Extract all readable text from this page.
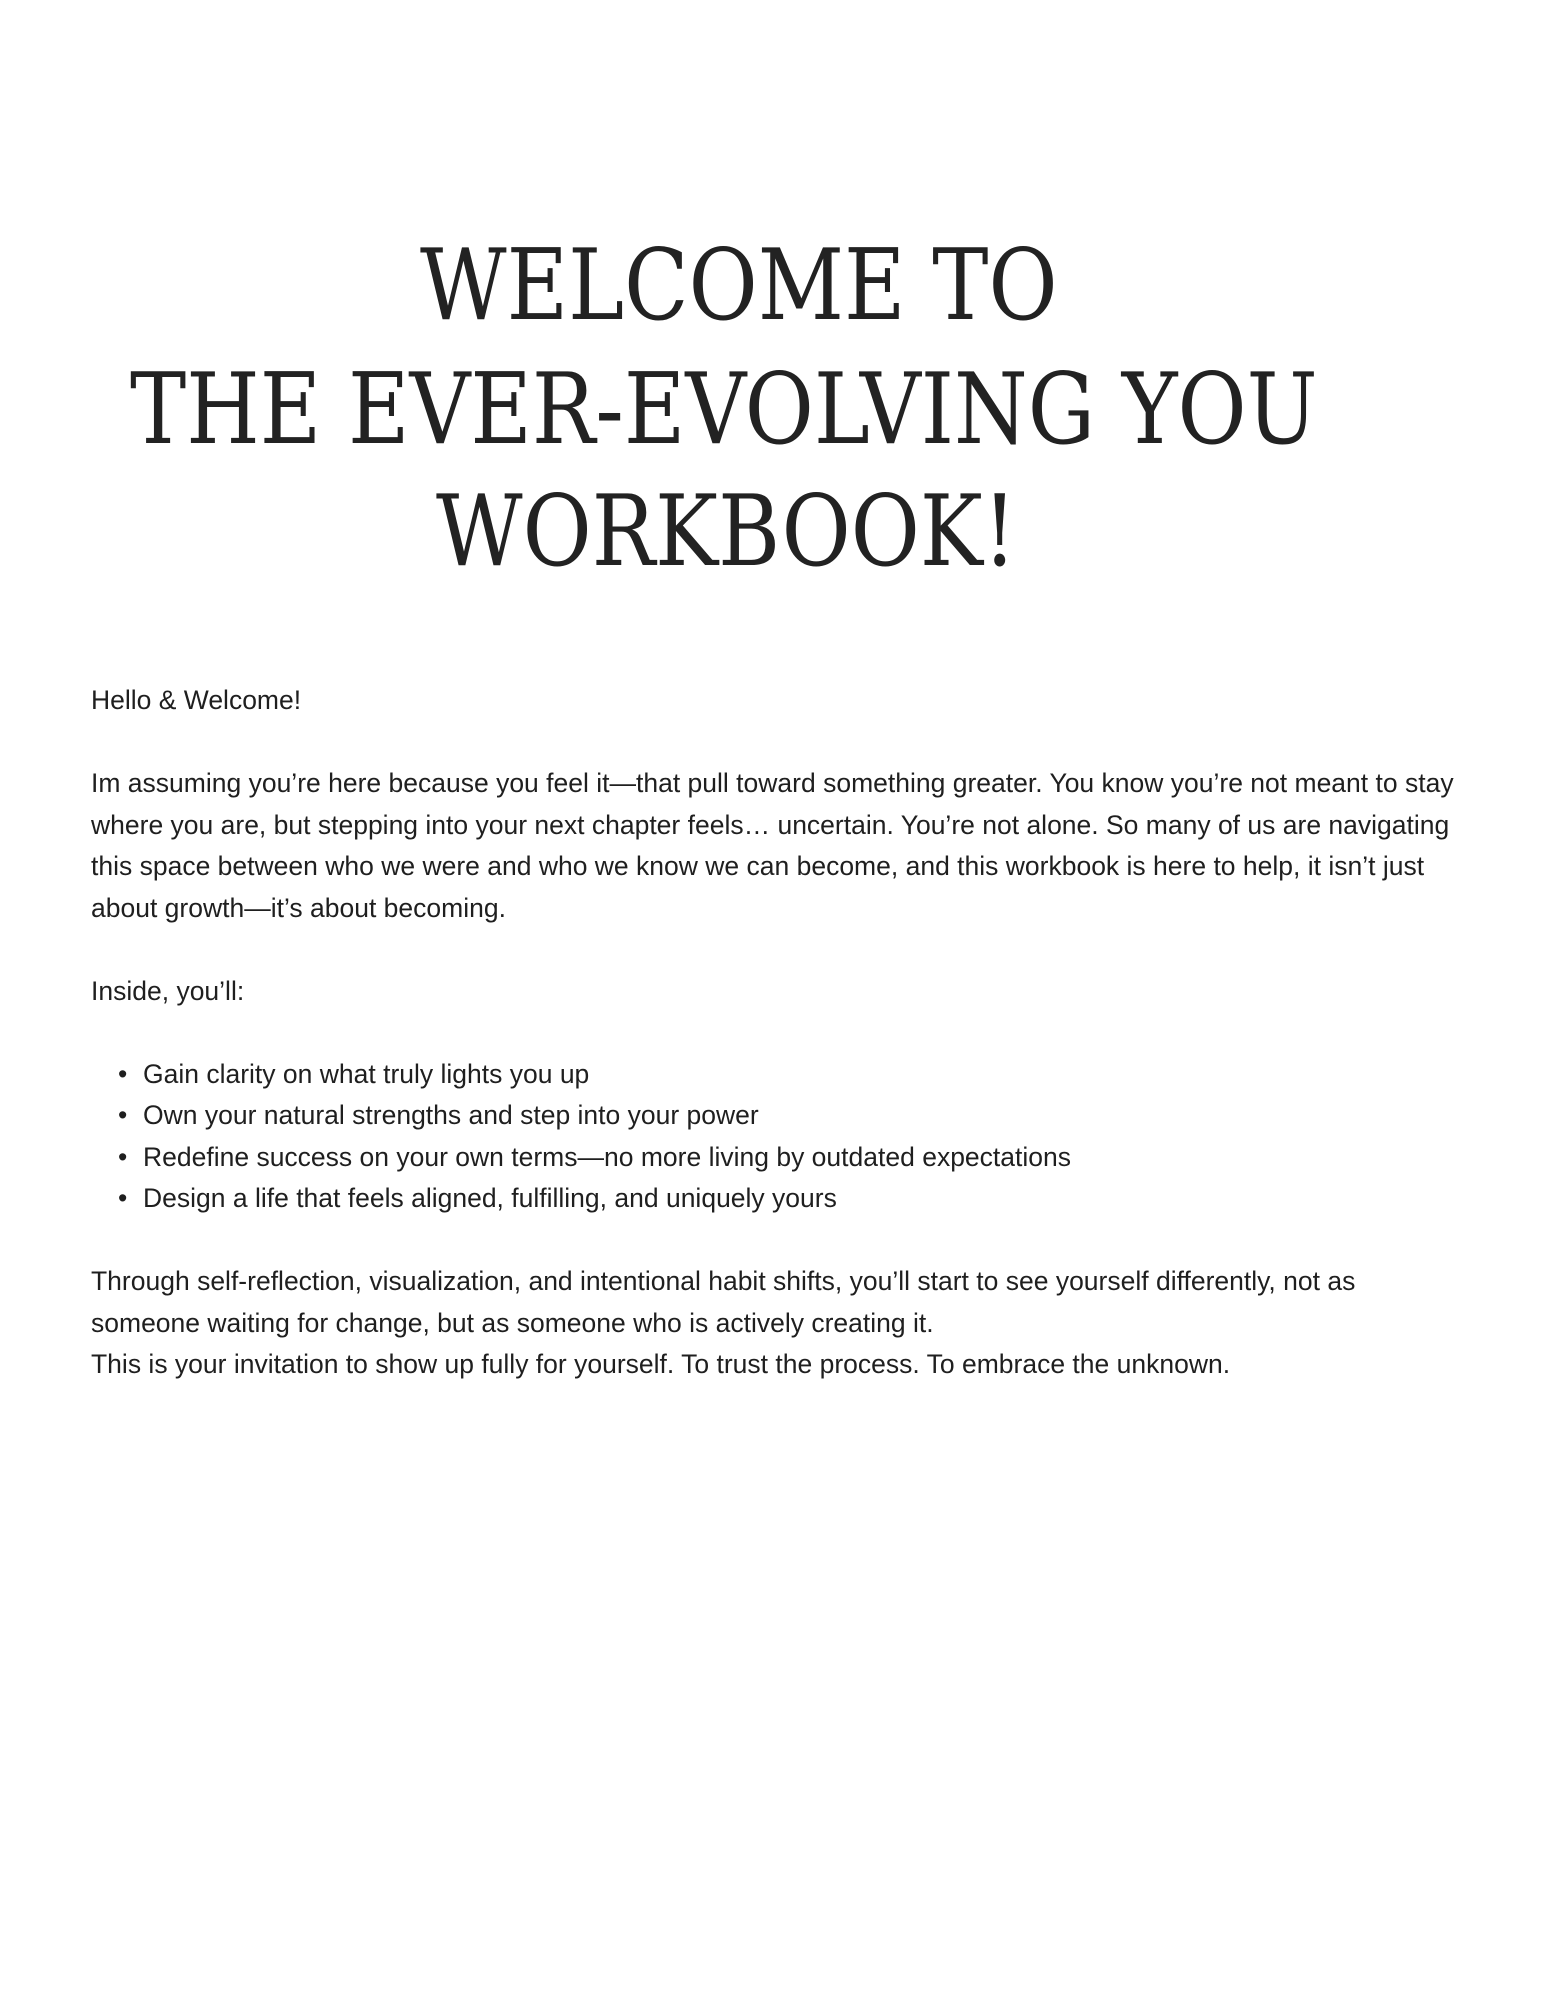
WELCOME TO
THE EVER-EVOLVING YOU
WORKBOOK!

Hello & Welcome!

Im assuming you’re here because you feel it—that pull toward something greater. You know you’re not meant to stay where you are, but stepping into your next chapter feels… uncertain. You’re not alone. So many of us are navigating this space between who we were and who we know we can become, and this workbook is here to help, it isn’t just about growth—it’s about becoming.

Inside, you’ll:

• Gain clarity on what truly lights you up
• Own your natural strengths and step into your power
• Redefine success on your own terms—no more living by outdated expectations
• Design a life that feels aligned, fulfilling, and uniquely yours

Through self-reflection, visualization, and intentional habit shifts, you’ll start to see yourself differently, not as someone waiting for change, but as someone who is actively creating it.

This is your invitation to show up fully for yourself. To trust the process. To embrace the unknown.
